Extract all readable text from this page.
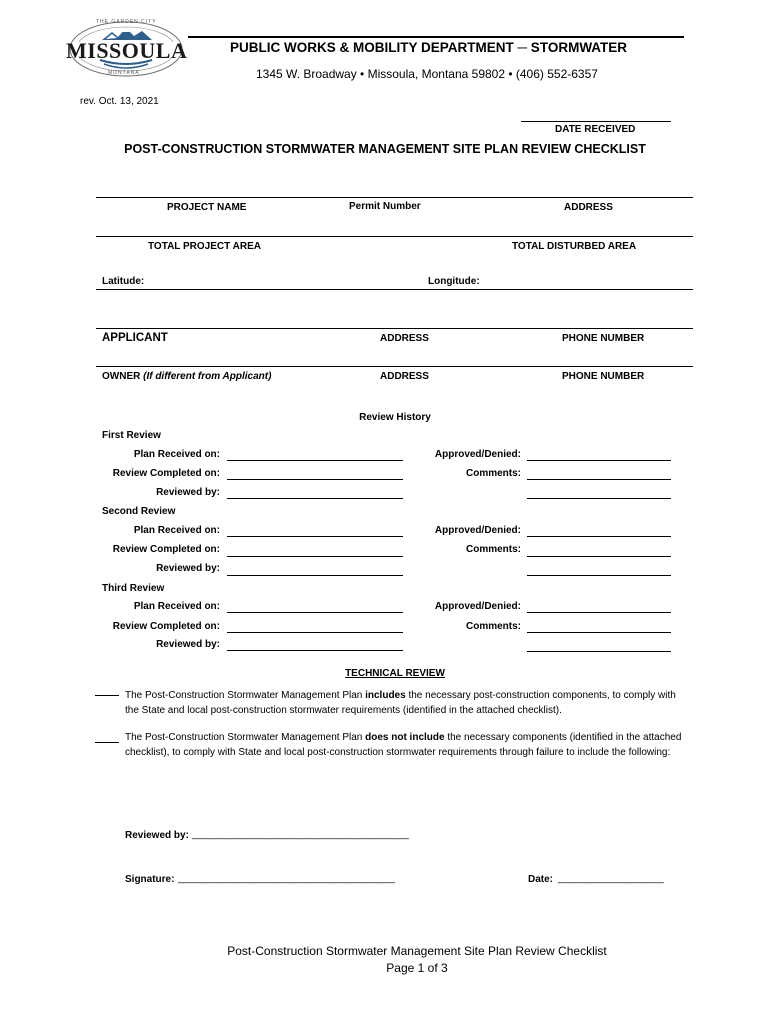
MISSOULA
THE GARDEN CITY
MONTANA
PUBLIC WORKS & MOBILITY DEPARTMENT ─ STORMWATER
1345 W. Broadway • Missoula, Montana 59802 • (406) 552-6357
rev. Oct. 13, 2021
DATE RECEIVED
POST-CONSTRUCTION STORMWATER MANAGEMENT SITE PLAN REVIEW CHECKLIST
PROJECT NAME	Permit Number	ADDRESS
TOTAL PROJECT AREA	TOTAL DISTURBED AREA
Latitude:	Longitude:
APPLICANT	ADDRESS	PHONE NUMBER
OWNER (If different from Applicant)	ADDRESS	PHONE NUMBER
Review History
First Review
Plan Received on:	Approved/Denied:
Review Completed on:	Comments:
Reviewed by:
Second Review
Plan Received on:	Approved/Denied:
Review Completed on:	Comments:
Reviewed by:
Third Review
Plan Received on:	Approved/Denied:
Review Completed on:	Comments:
Reviewed by:
TECHNICAL REVIEW
The Post-Construction Stormwater Management Plan includes the necessary post-construction components, to comply with the State and local post-construction stormwater requirements (identified in the attached checklist).
The Post-Construction Stormwater Management Plan does not include the necessary components (identified in the attached checklist), to comply with State and local post-construction stormwater requirements through failure to include the following:
Reviewed by: _______________________________________
Signature: _______________________________________	Date: ___________________
Post-Construction Stormwater Management Site Plan Review Checklist
Page 1 of 3
